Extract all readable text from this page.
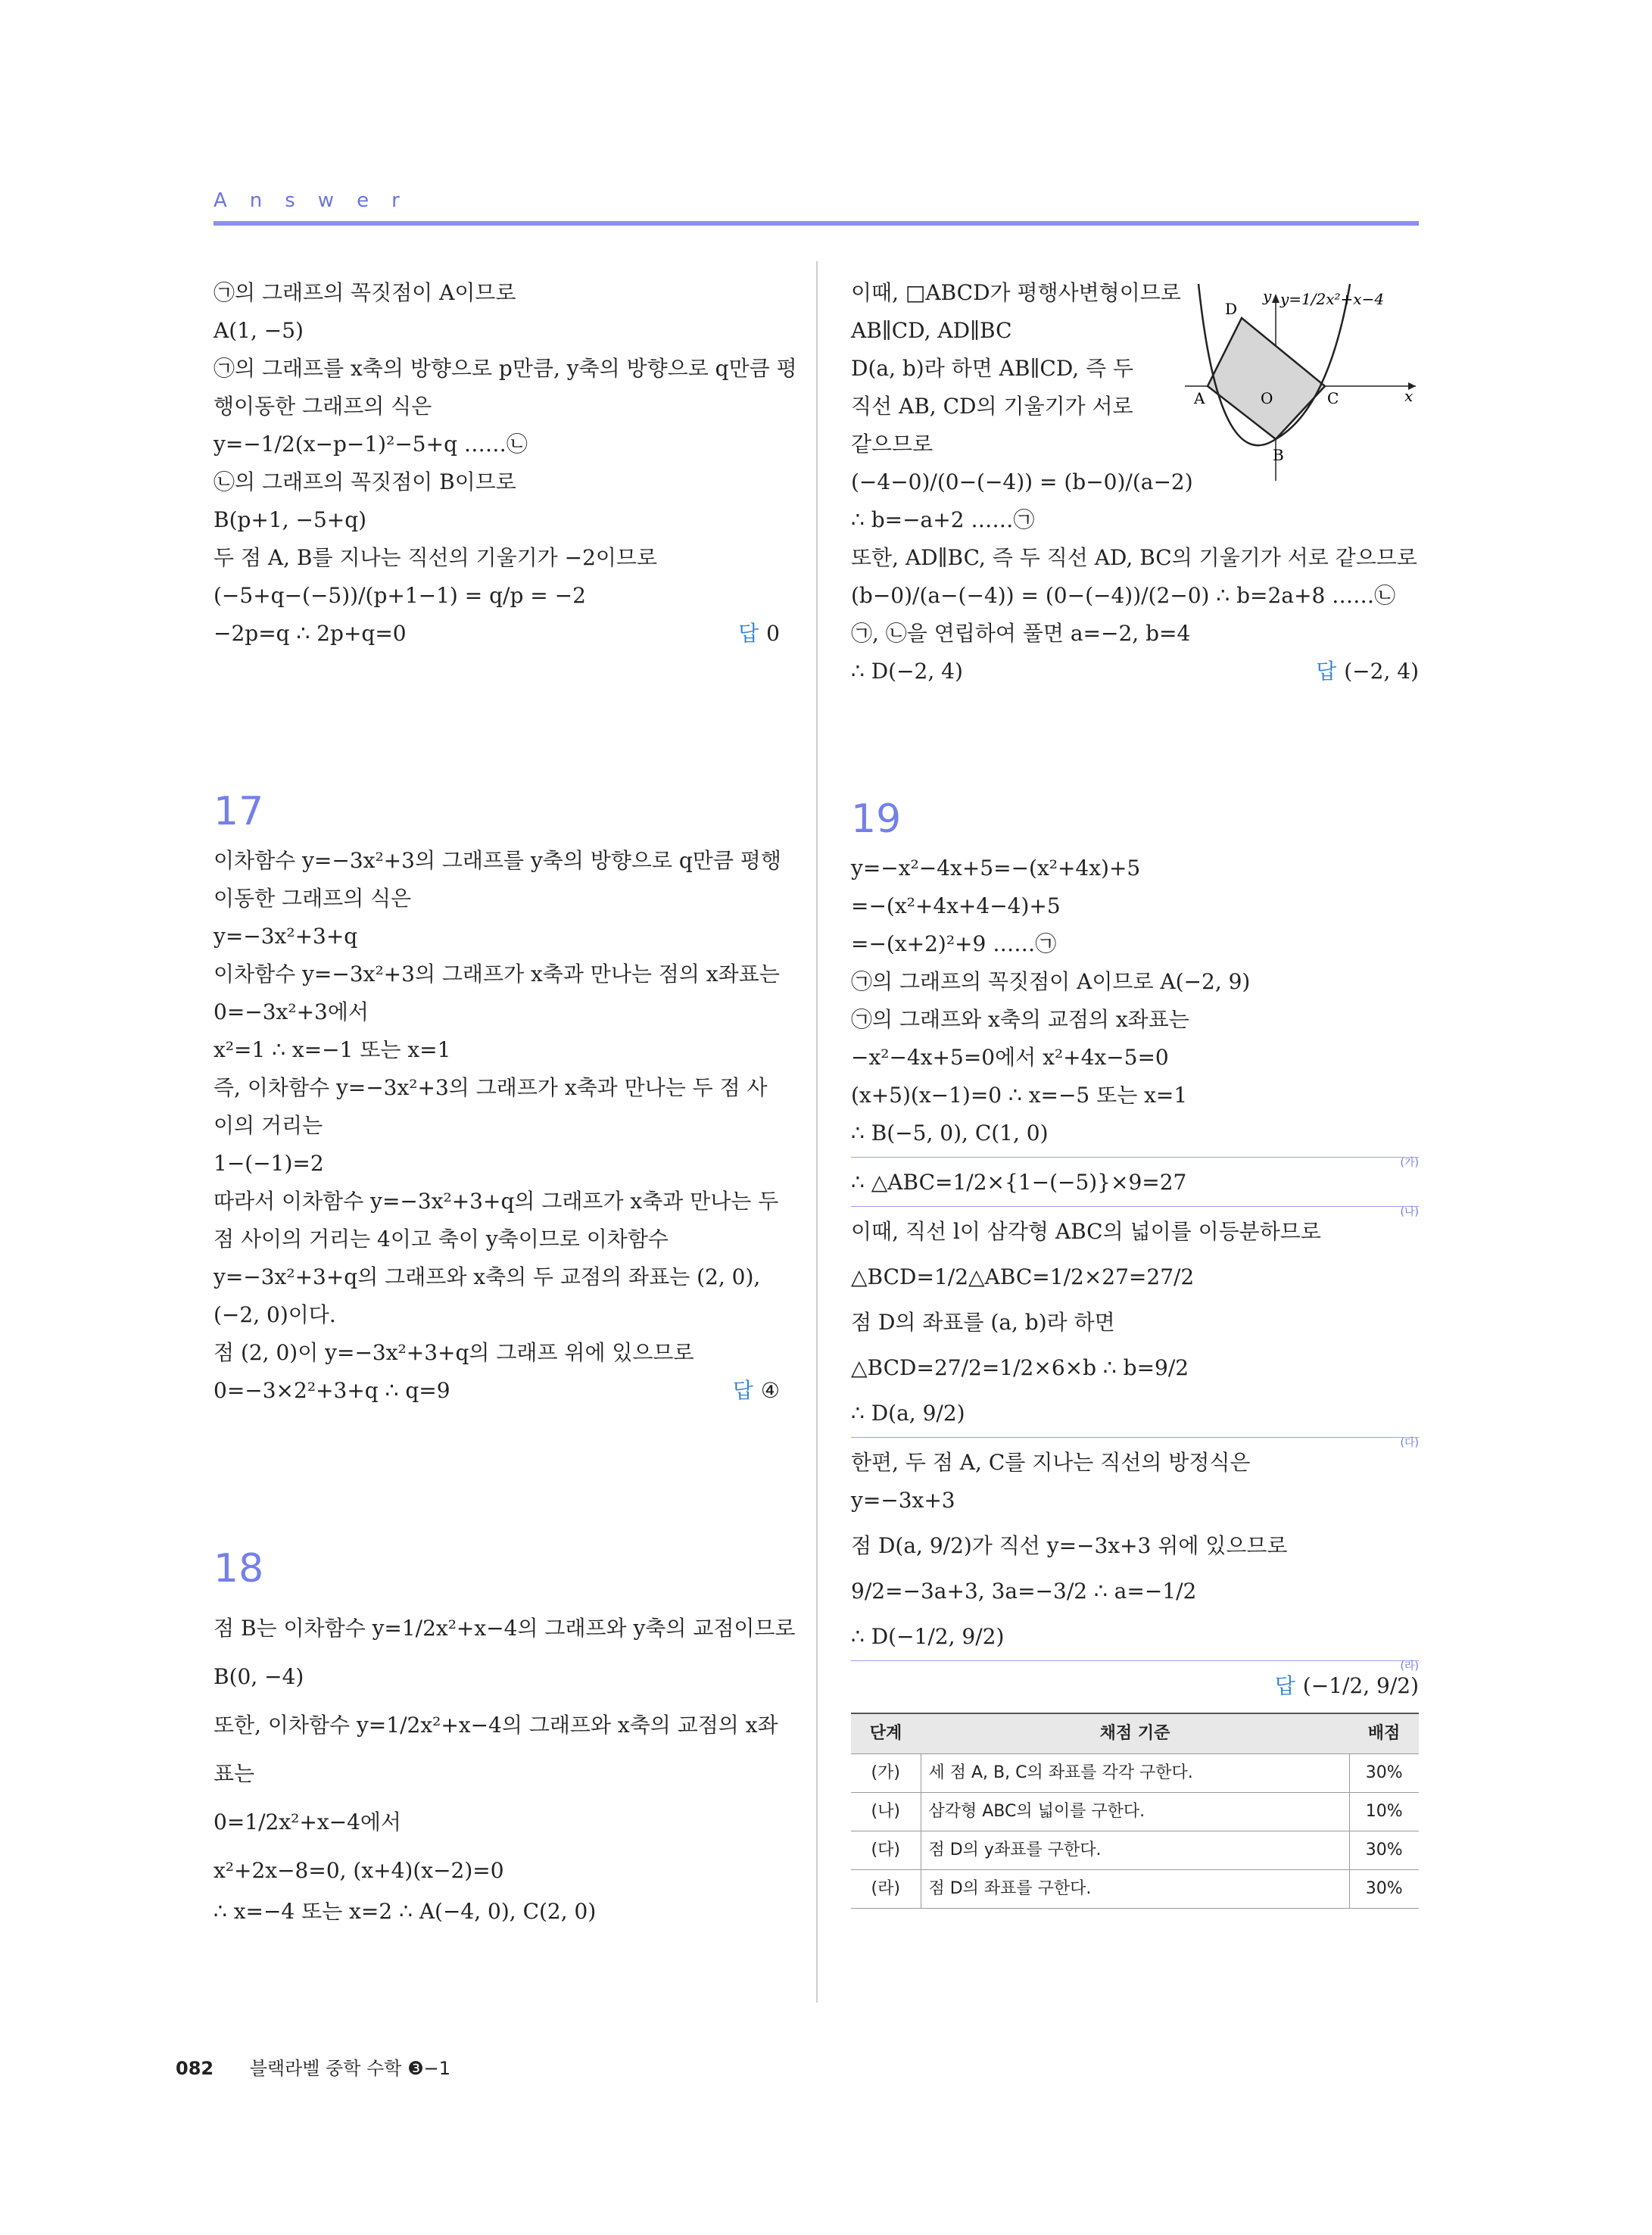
Answer
㉠의 그래프의 꼭짓점이 A이므로
A(1, −5)
㉠의 그래프를 x축의 방향으로 p만큼, y축의 방향으로 q만큼 평
행이동한 그래프의 식은
y=−1/2(x−p−1)²−5+q ……㉡
㉡의 그래프의 꼭짓점이 B이므로
B(p+1, −5+q)
두 점 A, B를 지나는 직선의 기울기가 −2이므로
(−5+q−(−5))/(p+1−1) = q/p = −2
−2p=q ∴ 2p+q=0	답 0
17
이차함수 y=−3x²+3의 그래프를 y축의 방향으로 q만큼 평행
이동한 그래프의 식은
y=−3x²+3+q
이차함수 y=−3x²+3의 그래프가 x축과 만나는 점의 x좌표는
0=−3x²+3에서
x²=1 ∴ x=−1 또는 x=1
즉, 이차함수 y=−3x²+3의 그래프가 x축과 만나는 두 점 사
이의 거리는
1−(−1)=2
따라서 이차함수 y=−3x²+3+q의 그래프가 x축과 만나는 두
점 사이의 거리는 4이고 축이 y축이므로 이차함수
y=−3x²+3+q의 그래프와 x축의 두 교점의 좌표는 (2, 0),
(−2, 0)이다.
점 (2, 0)이 y=−3x²+3+q의 그래프 위에 있으므로
0=−3×2²+3+q ∴ q=9	답 ④
18
점 B는 이차함수 y=1/2x²+x−4의 그래프와 y축의 교점이므로
B(0, −4)
또한, 이차함수 y=1/2x²+x−4의 그래프와 x축의 교점의 x좌
표는
0=1/2x²+x−4에서
x²+2x−8=0, (x+4)(x−2)=0
∴ x=−4 또는 x=2 ∴ A(−4, 0), C(2, 0)
x
y y=1/2x²+x−4
O
A
B
C
D
이때, □ABCD가 평행사변형이므로
AB∥CD, AD∥BC
D(a, b)라 하면 AB∥CD, 즉 두
직선 AB, CD의 기울기가 서로
같으므로
(−4−0)/(0−(−4)) = (b−0)/(a−2)
∴ b=−a+2 ……㉠
또한, AD∥BC, 즉 두 직선 AD, BC의 기울기가 서로 같으므로
(b−0)/(a−(−4)) = (0−(−4))/(2−0) ∴ b=2a+8 ……㉡
㉠, ㉡을 연립하여 풀면 a=−2, b=4
∴ D(−2, 4)	답 (−2, 4)
19
y=−x²−4x+5=−(x²+4x)+5
=−(x²+4x+4−4)+5
=−(x+2)²+9 ……㉠
㉠의 그래프의 꼭짓점이 A이므로 A(−2, 9)
㉠의 그래프와 x축의 교점의 x좌표는
−x²−4x+5=0에서 x²+4x−5=0
(x+5)(x−1)=0 ∴ x=−5 또는 x=1
∴ B(−5, 0), C(1, 0)
(가)
∴ △ABC=1/2×{1−(−5)}×9=27
(나)
이때, 직선 l이 삼각형 ABC의 넓이를 이등분하므로
△BCD=1/2△ABC=1/2×27=27/2
점 D의 좌표를 (a, b)라 하면
△BCD=27/2=1/2×6×b ∴ b=9/2
∴ D(a, 9/2)
(다)
한편, 두 점 A, C를 지나는 직선의 방정식은
y=−3x+3
점 D(a, 9/2)가 직선 y=−3x+3 위에 있으므로
9/2=−3a+3, 3a=−3/2 ∴ a=−1/2
∴ D(−1/2, 9/2)
(라)
답 (−1/2, 9/2)
단계	채점 기준	배점
(가)	세 점 A, B, C의 좌표를 각각 구한다.	30%
(나)	삼각형 ABC의 넓이를 구한다.	10%
(다)	점 D의 y좌표를 구한다.	30%
(라)	점 D의 좌표를 구한다.	30%
082 블랙라벨 중학 수학 ❸−1
